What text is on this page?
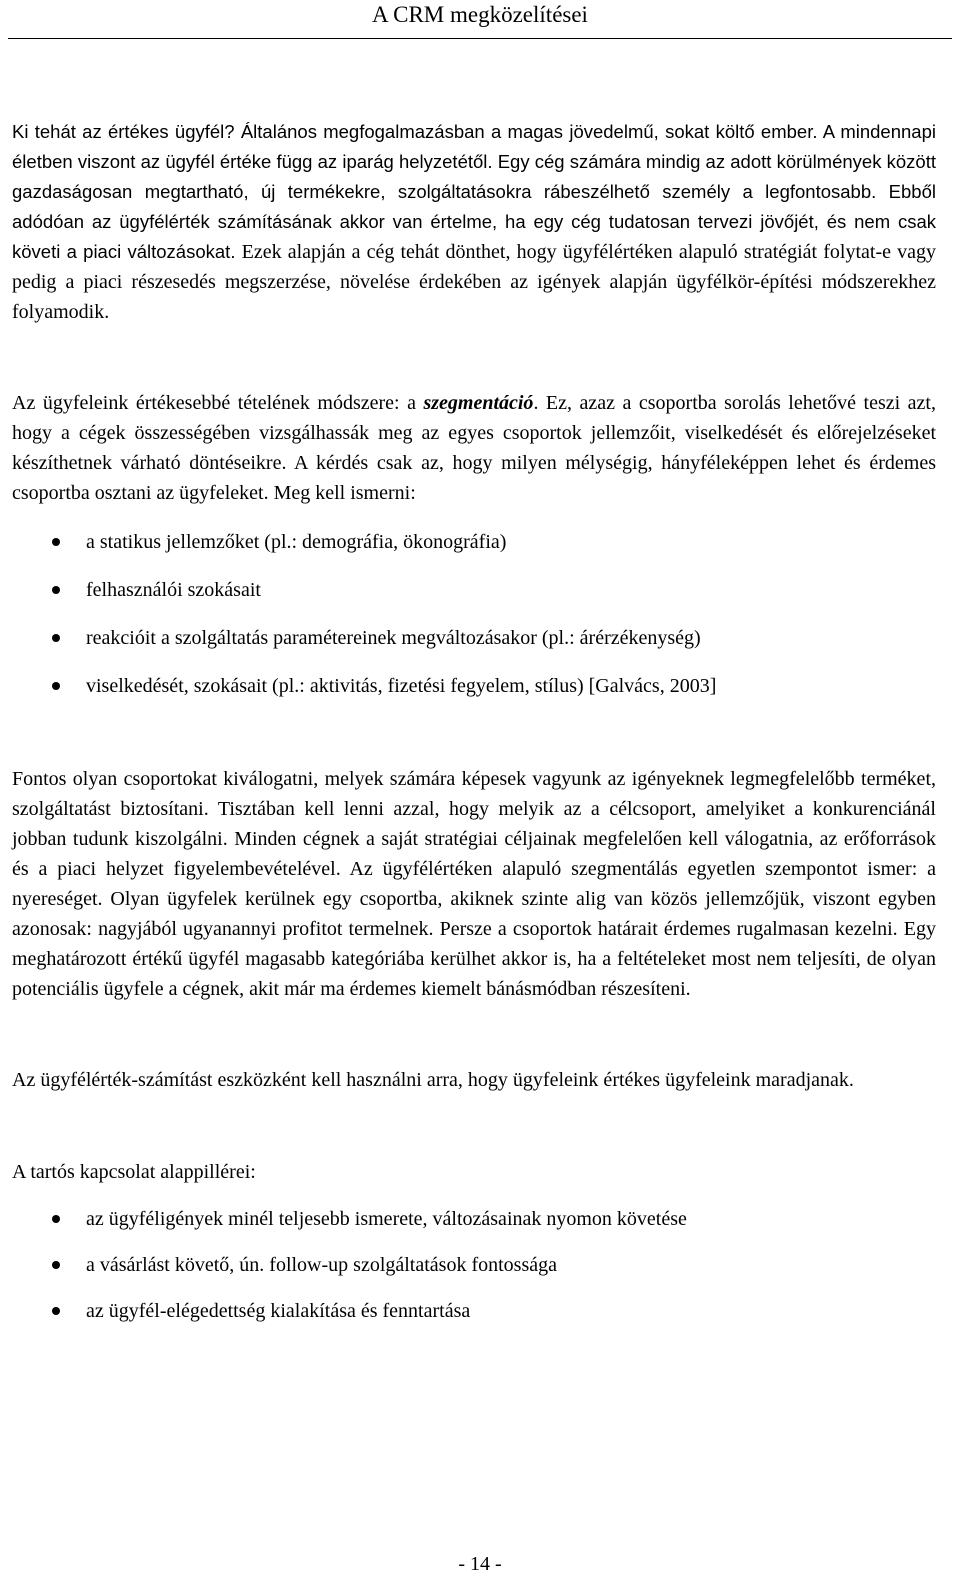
A CRM megközelítései

Ki tehát az értékes ügyfél? Általános megfogalmazásban a magas jövedelmű, sokat költő ember. A mindennapi életben viszont az ügyfél értéke függ az iparág helyzetétől. Egy cég számára mindig az adott körülmények között gazdaságosan megtartható, új termékekre, szolgáltatásokra rábeszélhető személy a legfontosabb. Ebből adódóan az ügyfélérték számításának akkor van értelme, ha egy cég tudatosan tervezi jövőjét, és nem csak követi a piaci változásokat. Ezek alapján a cég tehát dönthet, hogy ügyfélértéken alapuló stratégiát folytat-e vagy pedig a piaci részesedés megszerzése, növelése érdekében az igények alapján ügyfélkör-építési módszerekhez folyamodik.

Az ügyfeleink értékesebbé tételének módszere: a szegmentáció. Ez, azaz a csoportba sorolás lehetővé teszi azt, hogy a cégek összességében vizsgálhassák meg az egyes csoportok jellemzőit, viselkedését és előrejelzéseket készíthetnek várható döntéseikre. A kérdés csak az, hogy milyen mélységig, hányféleképpen lehet és érdemes csoportba osztani az ügyfeleket. Meg kell ismerni:

a statikus jellemzőket (pl.: demográfia, ökonográfia)
felhasználói szokásait
reakcióit a szolgáltatás paramétereinek megváltozásakor (pl.: árérzékenység)
viselkedését, szokásait (pl.: aktivitás, fizetési fegyelem, stílus) [Galvács, 2003]

Fontos olyan csoportokat kiválogatni, melyek számára képesek vagyunk az igényeknek legmegfelelőbb terméket, szolgáltatást biztosítani. Tisztában kell lenni azzal, hogy melyik az a célcsoport, amelyiket a konkurenciánál jobban tudunk kiszolgálni. Minden cégnek a saját stratégiai céljainak megfelelően kell válogatnia, az erőforrások és a piaci helyzet figyelembevételével. Az ügyfélértéken alapuló szegmentálás egyetlen szempontot ismer: a nyereséget. Olyan ügyfelek kerülnek egy csoportba, akiknek szinte alig van közös jellemzőjük, viszont egyben azonosak: nagyjából ugyanannyi profitot termelnek. Persze a csoportok határait érdemes rugalmasan kezelni. Egy meghatározott értékű ügyfél magasabb kategóriába kerülhet akkor is, ha a feltételeket most nem teljesíti, de olyan potenciális ügyfele a cégnek, akit már ma érdemes kiemelt bánásmódban részesíteni.

Az ügyfélérték-számítást eszközként kell használni arra, hogy ügyfeleink értékes ügyfeleink maradjanak.

A tartós kapcsolat alappillérei:

az ügyféligények minél teljesebb ismerete, változásainak nyomon követése
a vásárlást követő, ún. follow-up szolgáltatások fontossága
az ügyfél-elégedettség kialakítása és fenntartása
- 14 -
